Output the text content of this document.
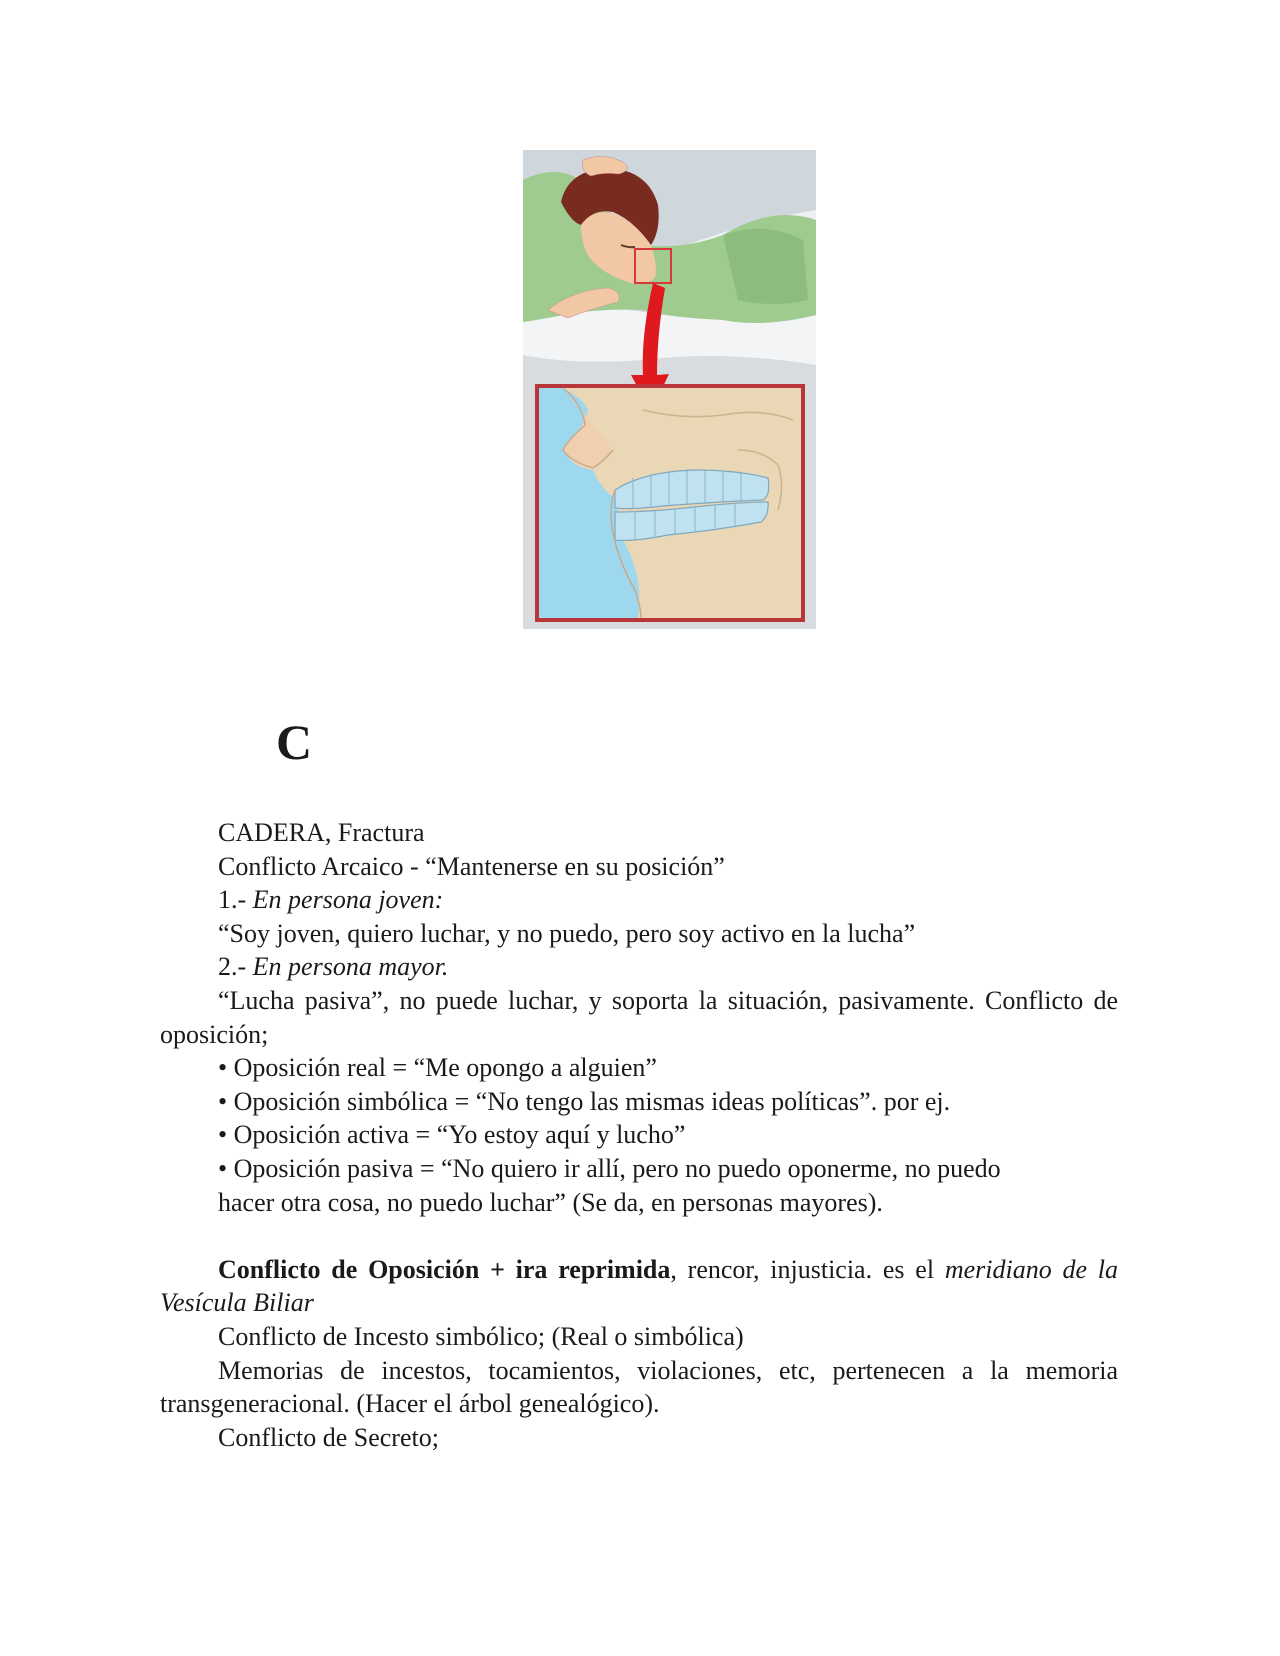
C

CADERA, Fractura

Conflicto Arcaico - “Mantenerse en su posición”

1.- En persona joven:

“Soy joven, quiero luchar, y no puedo, pero soy activo en la lucha”

2.- En persona mayor.

“Lucha pasiva”, no puede luchar, y soporta la situación, pasivamente. Conflicto de oposición;

• Oposición real = “Me opongo a alguien”

• Oposición simbólica = “No tengo las mismas ideas políticas”. por ej.

• Oposición activa = “Yo estoy aquí y lucho”

• Oposición pasiva = “No quiero ir allí, pero no puedo oponerme, no puedo hacer otra cosa, no puedo luchar” (Se da, en personas mayores).

Conflicto de Oposición + ira reprimida, rencor, injusticia. es el meridiano de la Vesícula Biliar

Conflicto de Incesto simbólico; (Real o simbólica)

Memorias de incestos, tocamientos, violaciones, etc, pertenecen a la memoria transgeneracional. (Hacer el árbol genealógico).

Conflicto de Secreto;
